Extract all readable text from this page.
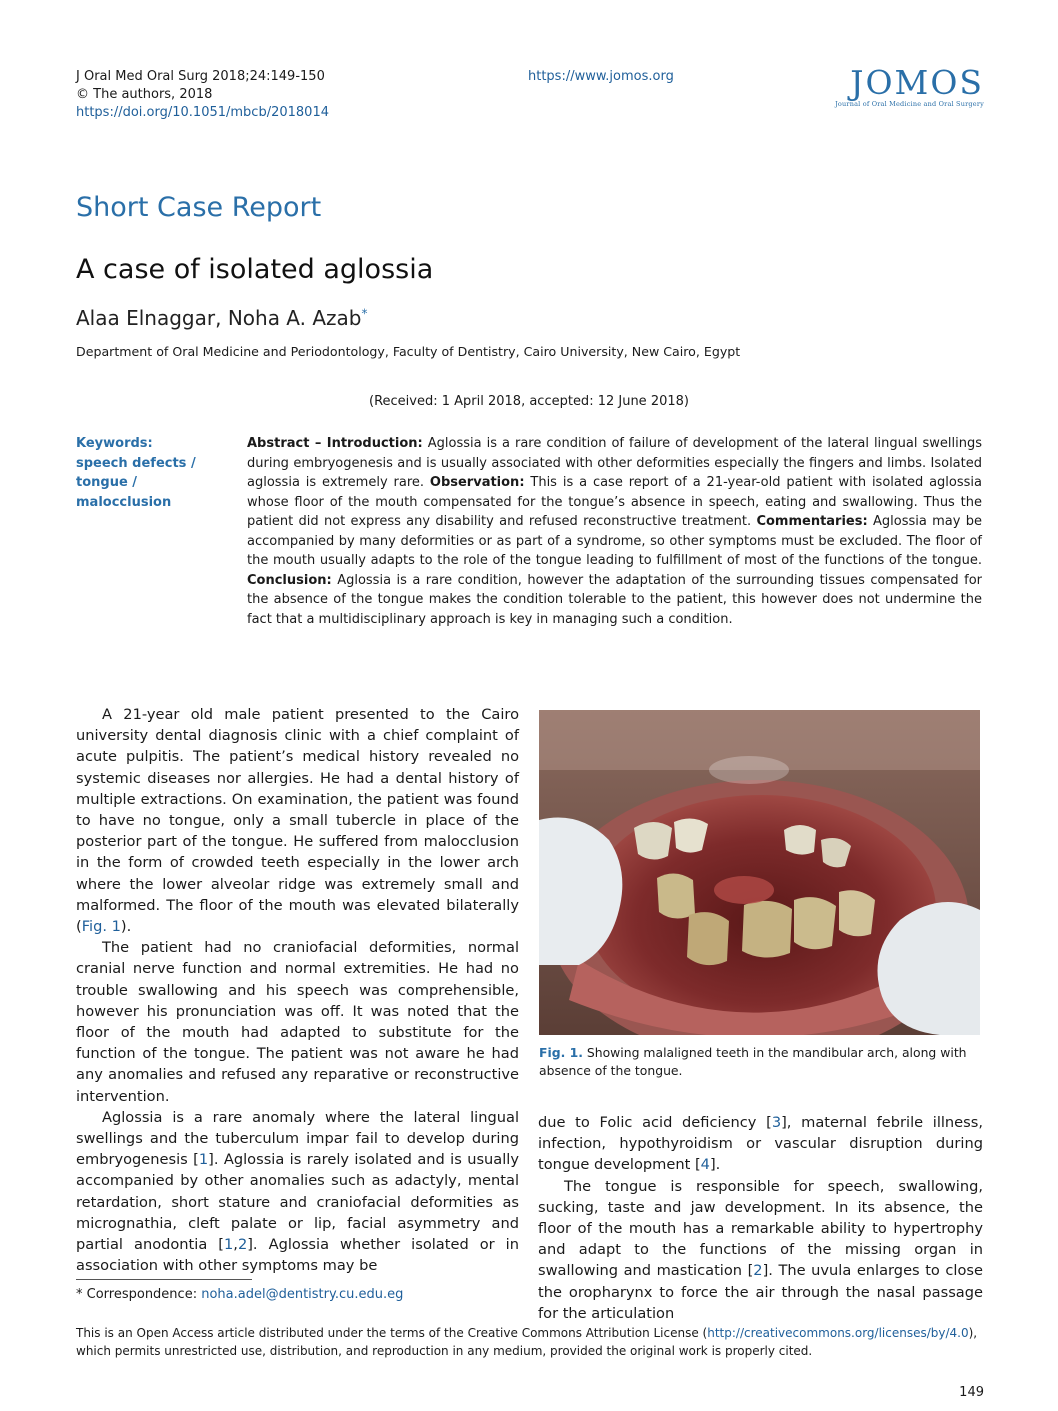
J Oral Med Oral Surg 2018;24:149-150
© The authors, 2018
https://doi.org/10.1051/mbcb/2018014
https://www.jomos.org	JOMOS
Journal of Oral Medicine and Oral Surgery
Short Case Report
A case of isolated aglossia
Alaa Elnaggar, Noha A. Azab*
Department of Oral Medicine and Periodontology, Faculty of Dentistry, Cairo University, New Cairo, Egypt
(Received: 1 April 2018, accepted: 12 June 2018)
Keywords:
speech defects /
tongue /
malocclusion
Abstract – Introduction: Aglossia is a rare condition of failure of development of the lateral lingual swellings during embryogenesis and is usually associated with other deformities especially the fingers and limbs. Isolated aglossia is extremely rare. Observation: This is a case report of a 21-year-old patient with isolated aglossia whose floor of the mouth compensated for the tongue’s absence in speech, eating and swallowing. Thus the patient did not express any disability and refused reconstructive treatment. Commentaries: Aglossia may be accompanied by many deformities or as part of a syndrome, so other symptoms must be excluded. The floor of the mouth usually adapts to the role of the tongue leading to fulfillment of most of the functions of the tongue. Conclusion: Aglossia is a rare condition, however the adaptation of the surrounding tissues compensated for the absence of the tongue makes the condition tolerable to the patient, this however does not undermine the fact that a multidisciplinary approach is key in managing such a condition.

A 21-year old male patient presented to the Cairo university dental diagnosis clinic with a chief complaint of acute pulpitis. The patient’s medical history revealed no systemic diseases nor allergies. He had a dental history of multiple extractions. On examination, the patient was found to have no tongue, only a small tubercle in place of the posterior part of the tongue. He suffered from malocclusion in the form of crowded teeth especially in the lower arch where the lower alveolar ridge was extremely small and malformed. The floor of the mouth was elevated bilaterally (Fig. 1).

The patient had no craniofacial deformities, normal cranial nerve function and normal extremities. He had no trouble swallowing and his speech was comprehensible, however his pronunciation was off. It was noted that the floor of the mouth had adapted to substitute for the function of the tongue. The patient was not aware he had any anomalies and refused any reparative or reconstructive intervention.

Aglossia is a rare anomaly where the lateral lingual swellings and the tuberculum impar fail to develop during embryogenesis [1]. Aglossia is rarely isolated and is usually accompanied by other anomalies such as adactyly, mental retardation, short stature and craniofacial deformities as micrognathia, cleft palate or lip, facial asymmetry and partial anodontia [1,2]. Aglossia whether isolated or in association with other symptoms may be

Fig. 1. Showing malaligned teeth in the mandibular arch, along with absence of the tongue.

due to Folic acid deficiency [3], maternal febrile illness, infection, hypothyroidism or vascular disruption during tongue development [4].

The tongue is responsible for speech, swallowing, sucking, taste and jaw development. In its absence, the floor of the mouth has a remarkable ability to hypertrophy and adapt to the functions of the missing organ in swallowing and mastication [2]. The uvula enlarges to close the oropharynx to force the air through the nasal passage for the articulation

* Correspondence: noha.adel@dentistry.cu.edu.eg
This is an Open Access article distributed under the terms of the Creative Commons Attribution License (http://creativecommons.org/licenses/by/4.0), which permits unrestricted use, distribution, and reproduction in any medium, provided the original work is properly cited.
149
